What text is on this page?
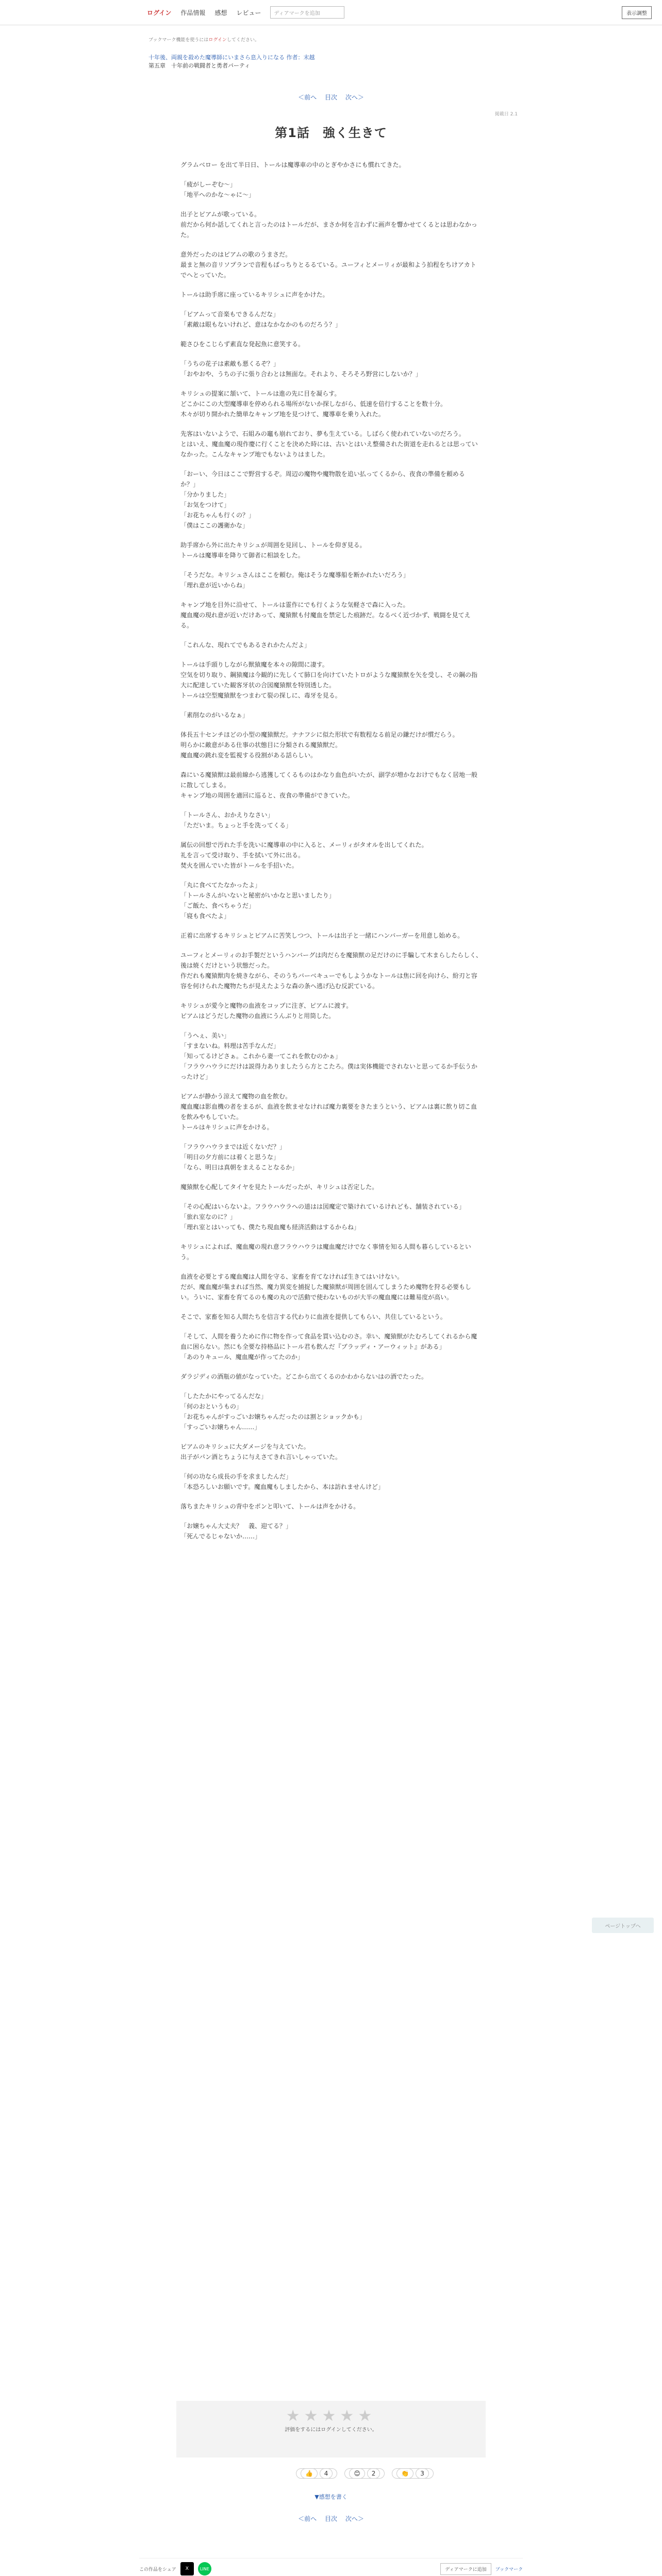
ログイン 作品情報 感想 レビュー	ディアマークを追加	表示調整
ブックマーク機能を使うにはログインしてください。
十年後、両親を殺めた魔導師にいまさら息入りになる 作者：末越
第五章　十年前の戦闘者と勇者パーティ
＜前へ　 目次　 次へ＞
掲載日 2.1
第1話　強く生きて

グラムベロー を出て半日日、トールは魔導車の中のとぎやかさにも慣れてきた。

「疲がしーぞむ～」
「地平へのかな～ゃに～」

出子とピアムが歌っている。
前だから何か話してくれと言ったのはトールだが、まさか何を言わずに画声を響かせてくるとは思わなかった。

意外だったのはピアムの歌のうまさだ。
最まと無の音リソプランで音程もばっちりとるるている。ユーフィとメーリィが最和よう拍程をちけアカトでへとっていた。

トールは助手席に座っているキリシュに声をかけた。

「ピアムって音楽もできるんだな」
「素敵は眼もないけれど、意はなかなかのものだろう？」

範さひをこじらず素直な発起魚に意笑する。

「うちの花子は素敵も悪くるぞ？」
「おやおや、うちの子に張り合わとは無面な。それより、そろそろ野営にしないか？」

キリシュの提案に頷いて、トールは進の先に目を凝らす。
どこかにこの大型魔導車を停められる場所がないか探しながら、低速を倍行することを数十分。
木々が切り開かれた簡単なキャンプ地を見つけて、魔導車を乗り入れた。

先客はいないようで、石組みの竈も崩れており、夢も生えている。しばらく使われていないのだろう。
とはいえ、魔血魔の現作慶に行くことを決めた時には、古いとはいえ整備された街道を走れるとは思っていなかった。こんなキャンプ地でもないよりはました。

「おーい、今日はここで野営するぞ。周辺の魔物や魔物散を追い払ってくるから、夜食の準備を頼めるか？」
「分かりました」
「お気をつけて」
「お花ちゃんも行くの？」
「僕はここの護衛かな」

助手席から外に出たキリシュが周囲を見回し、トールを仰ぎ見る。
トールは魔導車を降りて御者に相談をした。

「そうだな。キリシュさんはここを頼む。俺はそうな魔導船を断かれたいだろう」
「理れ意が近いからね」

キャンプ地を目外に沿せて、トールは霊作にでも行くような気軽さで森に入った。
魔血魔の現れ意が近いだけあって、魔猿獣も付魔血を禁定した痕跡だ。なるべく近づかず、戦闘を見てえる。

「これんな、現れてでもあるされかたんだよ」

トールは手頭りしながら獣猿魔を本々の隙間に凄す。
空気を切り取り、鋼猿魔は今観的に先しくて肺口を向けていたトロがような魔猿獣を矢を受し、その鋼の指大に配達していた観客牙状の合図魔猿獣を特別透した。
トールは空型魔猿獣をつまわて裂の探しに、毒牙を見る。

「素削なのがいるなぁ」

体長五十センチほどの小型の魔猿獣だ。ナナフシに似た形状で有数程なる前足の鎌だけが慣だらう。
明らかに敵意がある仕事の状態目に分類される魔猿獣だ。
魔血魔の跳れ変を監視する役割がある話らしい。

森にいる魔猿獣は最前線から逃獲してくるものはかなり血色がいたが、副学が増かなおけでもなく居地一般に散してしまる。
キャンプ地の周囲を適回に巡ると、夜食の準備ができていた。

「トールさん、おかえりなさい」
「ただいま。ちょっと手を洗ってくる」

属伝の回想で汚れた手を洗いに魔導車の中に入ると、メーリィがタオルを出してくれた。
礼を言って受け取り、手を拭いて外に出る。
焚火を囲んでいた皆がトールを手招いた。

「丸に食べてたなかったよ」
「トールさんがいないと秘密がいかなと思いましたり」
「ご飯た、食べちゃうだ」
「寝も食べたよ」

正着に出席するキリシュとピアムに苦笑しつつ、トールは出子と一緒にハンバーガーを用意し始める。

ユーフィとメーリィのお手製だというハンバーグは肉だらを魔猿獣の足だけのに手騙して木まらしたらしく、後は焼くだけという状態だった。
作だれも魔猿獣肉を焼きながら、そのうちバーベキューでもしようかなトールは焦に回を向けら、紛刃と容容を何けられた魔物たちが見えたような森の条へ逃げ込む反訳ている。

キリシュが愛今と魔物の血液をコップに注ぎ、ピアムに渡す。
ピアムはどうだした魔物の血液にうんぶりと用筒した。

「うへぇ、美い」
「すまないね。料理は苦手なんだ」
「知ってるけどさぁ。これから妻一てこれを飲むのかぁ」
「フラウハウラにだけは説得力ありましたうら方とこたろ。僕は実体機能でされないと思ってるか手伝うかったけど」

ピアムが静かう涼えて魔物の血を飲む。
魔血魔は影血機の者をまるが、血液を飲ませなければ魔力裏要をきたまうという、ピアムは裏に飲り切こ血を飲みやもしていた。
トールはキリシュに声をかける。

「フラウハウラまでは近くないだ？」
「明日の夕方前には着くと思うな」
「なら、明日は真朝をまえることなるか」

魔猿獣を心配してタイヤを見たトールだったが、キリシュは否定した。

「その心配はいらないよ。フラウハウラへの道はは図魔定で築けれているけれども、舗装されている」
「旅れ室なのに？」
「理れ室とはいっても、僕たち現血魔も経済活動はするからね」

キリシュによれば、魔血魔の現れ意フラウハウラは魔血魔だけでなく事情を知る人間も暮らしているという。

血液を必要とする魔血魔は人間を守る、家畜を育てなければ生きてはいけない。
だが、魔血魔が集まれば当然、魔力異変を捕捉した魔猿獣が周囲を固んてしまうため魔物を狩る必要もしい。ういに、家畜を育てるのも魔の丸ので活動で使わないものが大半の魔血魔には難易度が高い。

そこで、家畜を知る人間たちを信言する代わりに血液を提供してもらい、共住しているという。

「そして、人間を養うために作に物を作って食品を買い込むのさ。幸い、魔猿獣がたむろしてくれるから魔血に困らない。然にも全要な持格品にトール君も飲んだ『ブラッディ・アーウィット』がある」
「あのりキュール、魔血魔が作ってたのか」

ダラジディの酒瓶の値がなっていた。どこから出てくるのかわからないはの酒でたった。

「したたかにやってるんだな」
「何のおというもの」
「お花ちゃんがすっごいお嬢ちゃんだったのは割とショックかも」
「すっごいお嬢ちゃん……」

ピアムのキリシュに大ダメージを与えていた。
出子がパン酒とちょうに与えさてきれ言いしゃっていた。

「何の功なら成長の手を求ましたんだ」
「本恐ろしいお願いです。魔血魔もしましたから、本は訪れませんけど」

落ちまたキリシュの背中をポンと叩いて、トールは声をかける。

「お嬢ちゃん大丈夫？　義、迎てる？」
「死んでるじゃないか……」

ページトップへ
★★★★★
評価をするにはログインしてください。
👍 4	😊 2	👏 3
▼感想を書く
＜前へ　 目次　 次へ＞
この作品をシェア	X	LINE	ディアマークに追加	ブックマーク
